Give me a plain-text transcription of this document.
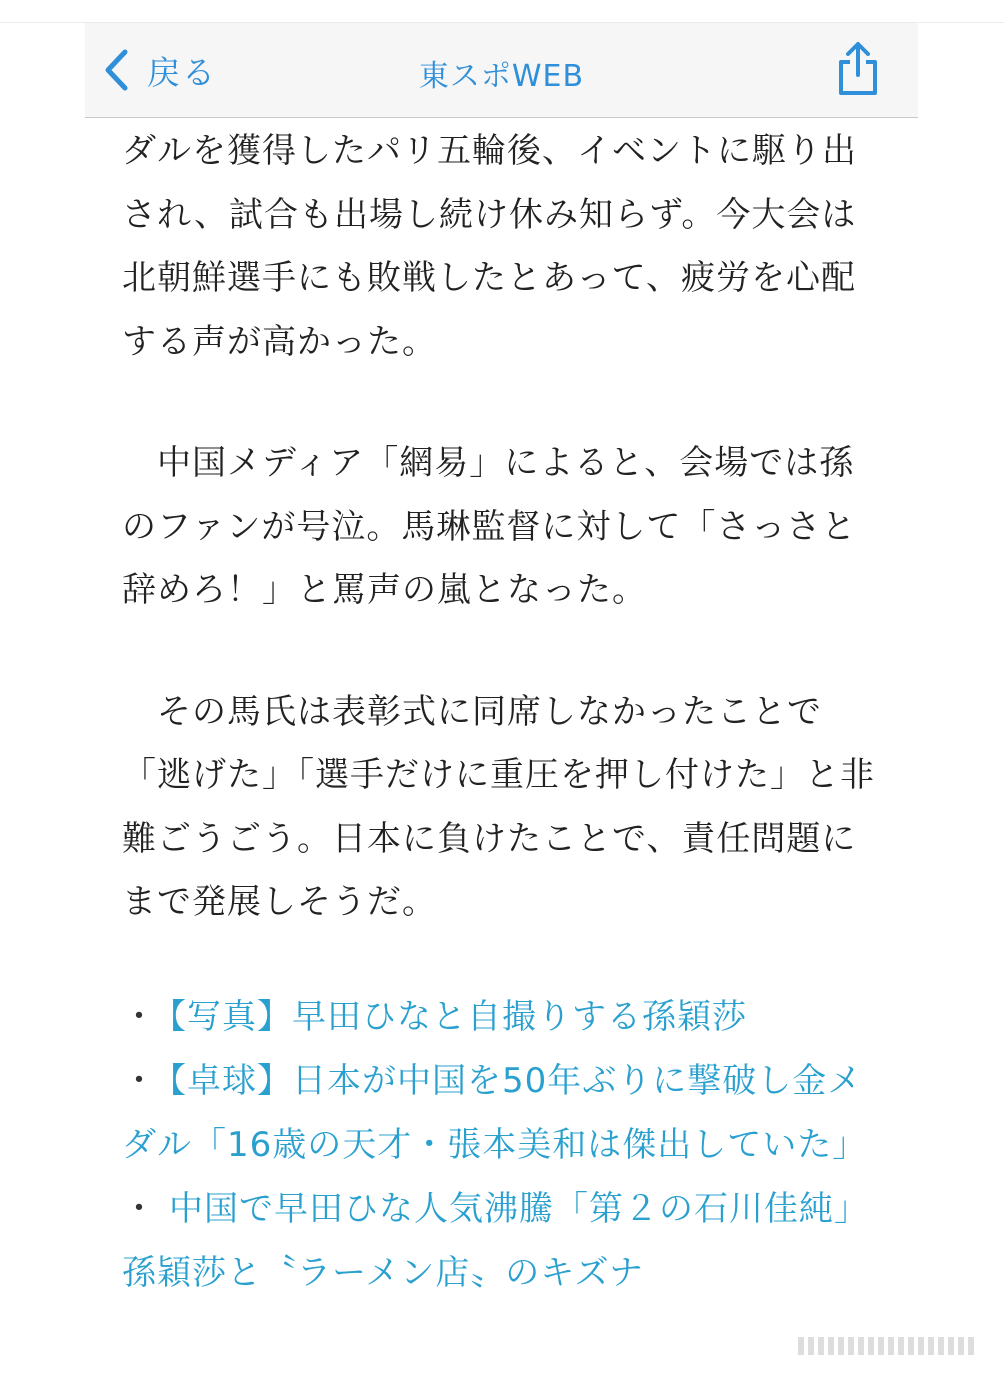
戻る	東スポWEB

ダルを獲得したパリ五輪後、イベントに駆り出され、試合も出場し続け休み知らず。今大会は北朝鮮選手にも敗戦したとあって、疲労を心配する声が高かった。

　中国メディア「網易」によると、会場では孫のファンが号泣。馬琳監督に対して「さっさと辞めろ！」と罵声の嵐となった。

　その馬氏は表彰式に同席しなかったことで「逃げた」「選手だけに重圧を押し付けた」と非難ごうごう。日本に負けたことで、責任問題にまで発展しそうだ。

・ 【写真】早田ひなと自撮りする孫穎莎
・ 【卓球】日本が中国を50年ぶりに撃破し金メダル「16歳の天才・張本美和は傑出していた」
・ 中国で早田ひな人気沸騰「第２の石川佳純」 孫穎莎と〝ラーメン店〟のキズナ
